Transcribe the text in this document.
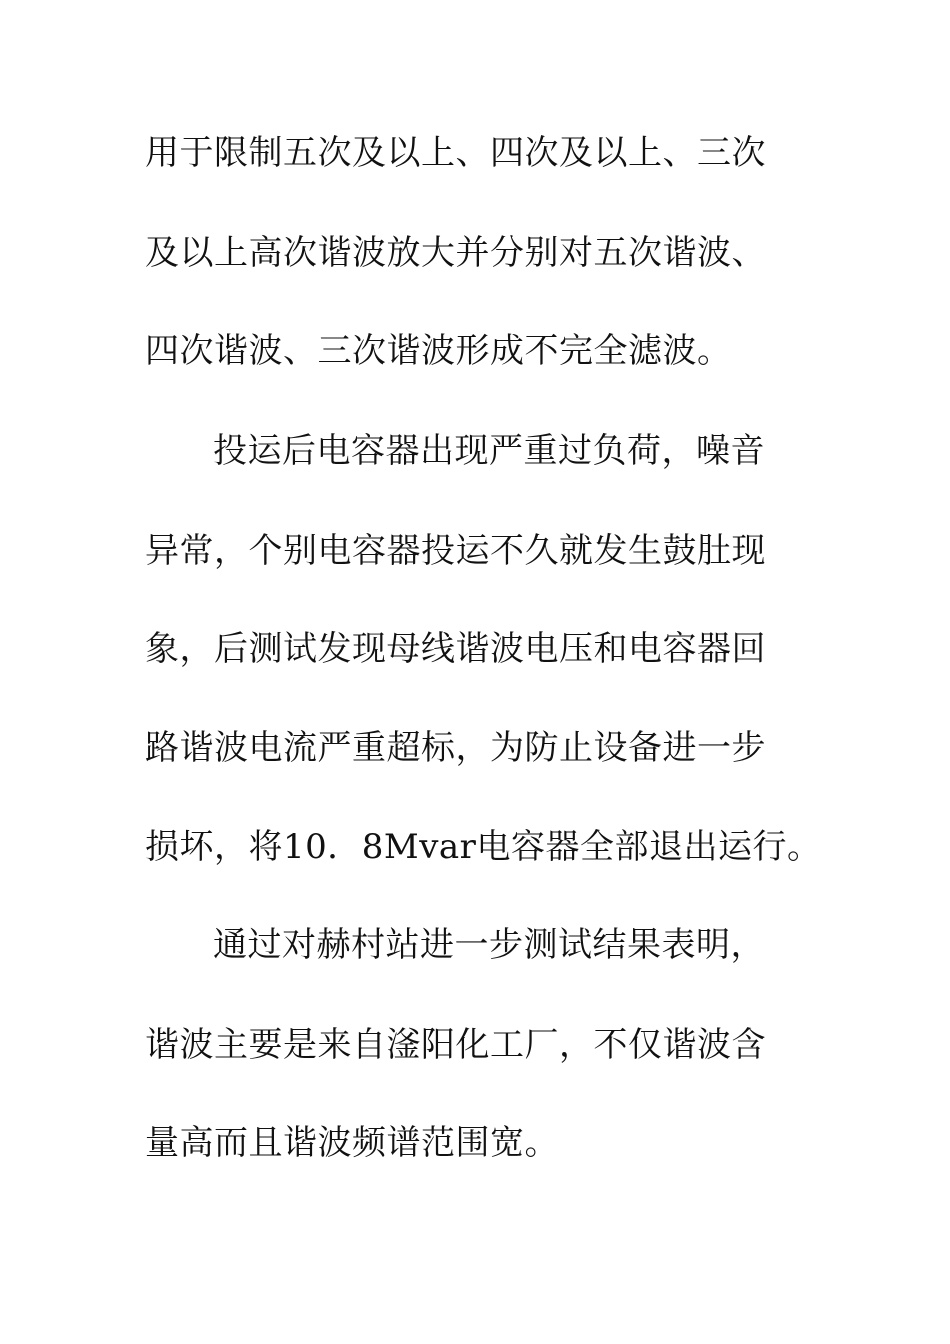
用于限制五次及以上、四次及以上、三次

及以上高次谐波放大并分别对五次谐波、

四次谐波、三次谐波形成不完全滤波。

投运后电容器出现严重过负荷，噪音

异常，个别电容器投运不久就发生鼓肚现

象，后测试发现母线谐波电压和电容器回

路谐波电流严重超标，为防止设备进一步

损坏，将10．8Mvar电容器全部退出运行。

通过对赫村站进一步测试结果表明，

谐波主要是来自滏阳化工厂，不仅谐波含

量高而且谐波频谱范围宽。
